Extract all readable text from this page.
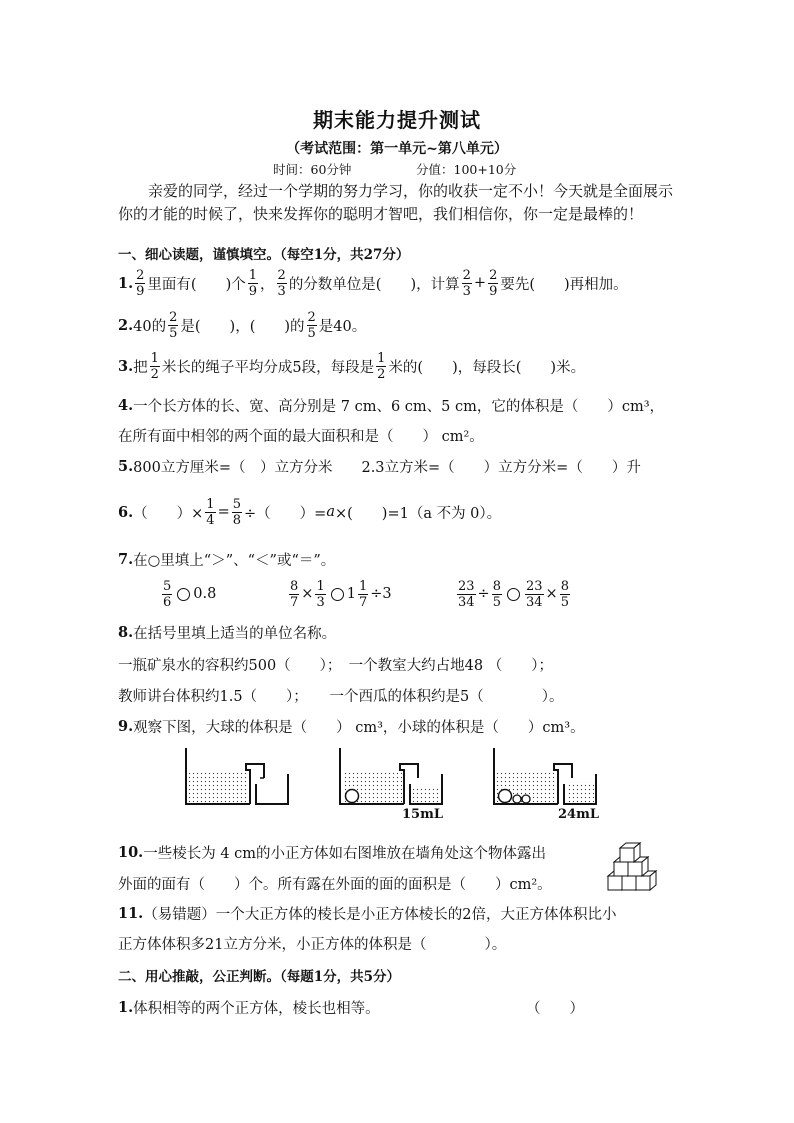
期末能力提升测试
（考试范围：第一单元~第八单元）
时间：60分钟	分值：100+10分
亲爱的同学，经过一个学期的努力学习，你的收获一定不小！今天就是全面展示你的才能的时候了，快来发挥你的聪明才智吧，我们相信你，你一定是最棒的！
一、细心读题，谨慎填空。（每空1分，共27分）
1. $\frac{2}{9}$ 里面有(　　)个 $\frac{1}{9}$ ， $\frac{2}{3}$ 的分数单位是(　　)，计算 $\frac{2}{3} + \frac{2}{9}$ 要先(　　)再相加。
2. 40的 $\frac{2}{5}$ 是(　　)，(　　)的 $\frac{2}{5}$ 是40。
3. 把 $\frac{1}{2}$ 米长的绳子平均分成5段，每段是 $\frac{1}{2}$ 米的(　　)，每段长(　　)米。
4. 一个长方体的长、宽、高分别是 7 cm、6 cm、5 cm，它的体积是（　　）cm³，
在所有面中相邻的两个面的最大面积和是（　　） cm²。
5. 800立方厘米=（　）立方分米　　2.3立方米=（　　）立方分米=（　　）升
6. （　　）× $\frac{1}{4} = \frac{5}{8}$ ÷（　　）= a ×(　　)=1（a 不为 0）。
7. 在○里填上“＞”、“＜”或“＝”。
$\frac{5}{6} 0.8$	$\frac{8}{7} \times \frac{1}{3} 1 \frac{1}{7} \div 3$	$\frac{23}{34} \div \frac{8}{5} \frac{23}{34} \times \frac{8}{5}$
8. 在括号里填上适当的单位名称。
一瓶矿泉水的容积约500（　　）；　一个教室大约占地48 （　　）；
教师讲台体积约1.5（　　）；　　一个西瓜的体积约是5（　　　　）。
9. 观察下图，大球的体积是（　　） cm³，小球的体积是（　　）cm³。
15mL	24mL
10. 一些棱长为 4 cm的小正方体如右图堆放在墙角处这个物体露出
外面的面有（　　）个。所有露在外面的面的面积是（　　）cm²。
11. （易错题）一个大正方体的棱长是小正方体棱长的2倍，大正方体体积比小
正方体体积多21立方分米，小正方体的体积是（　　　　）。
二、用心推敲，公正判断。（每题1分，共5分）
1. 体积相等的两个正方体，棱长也相等。	（　　）
